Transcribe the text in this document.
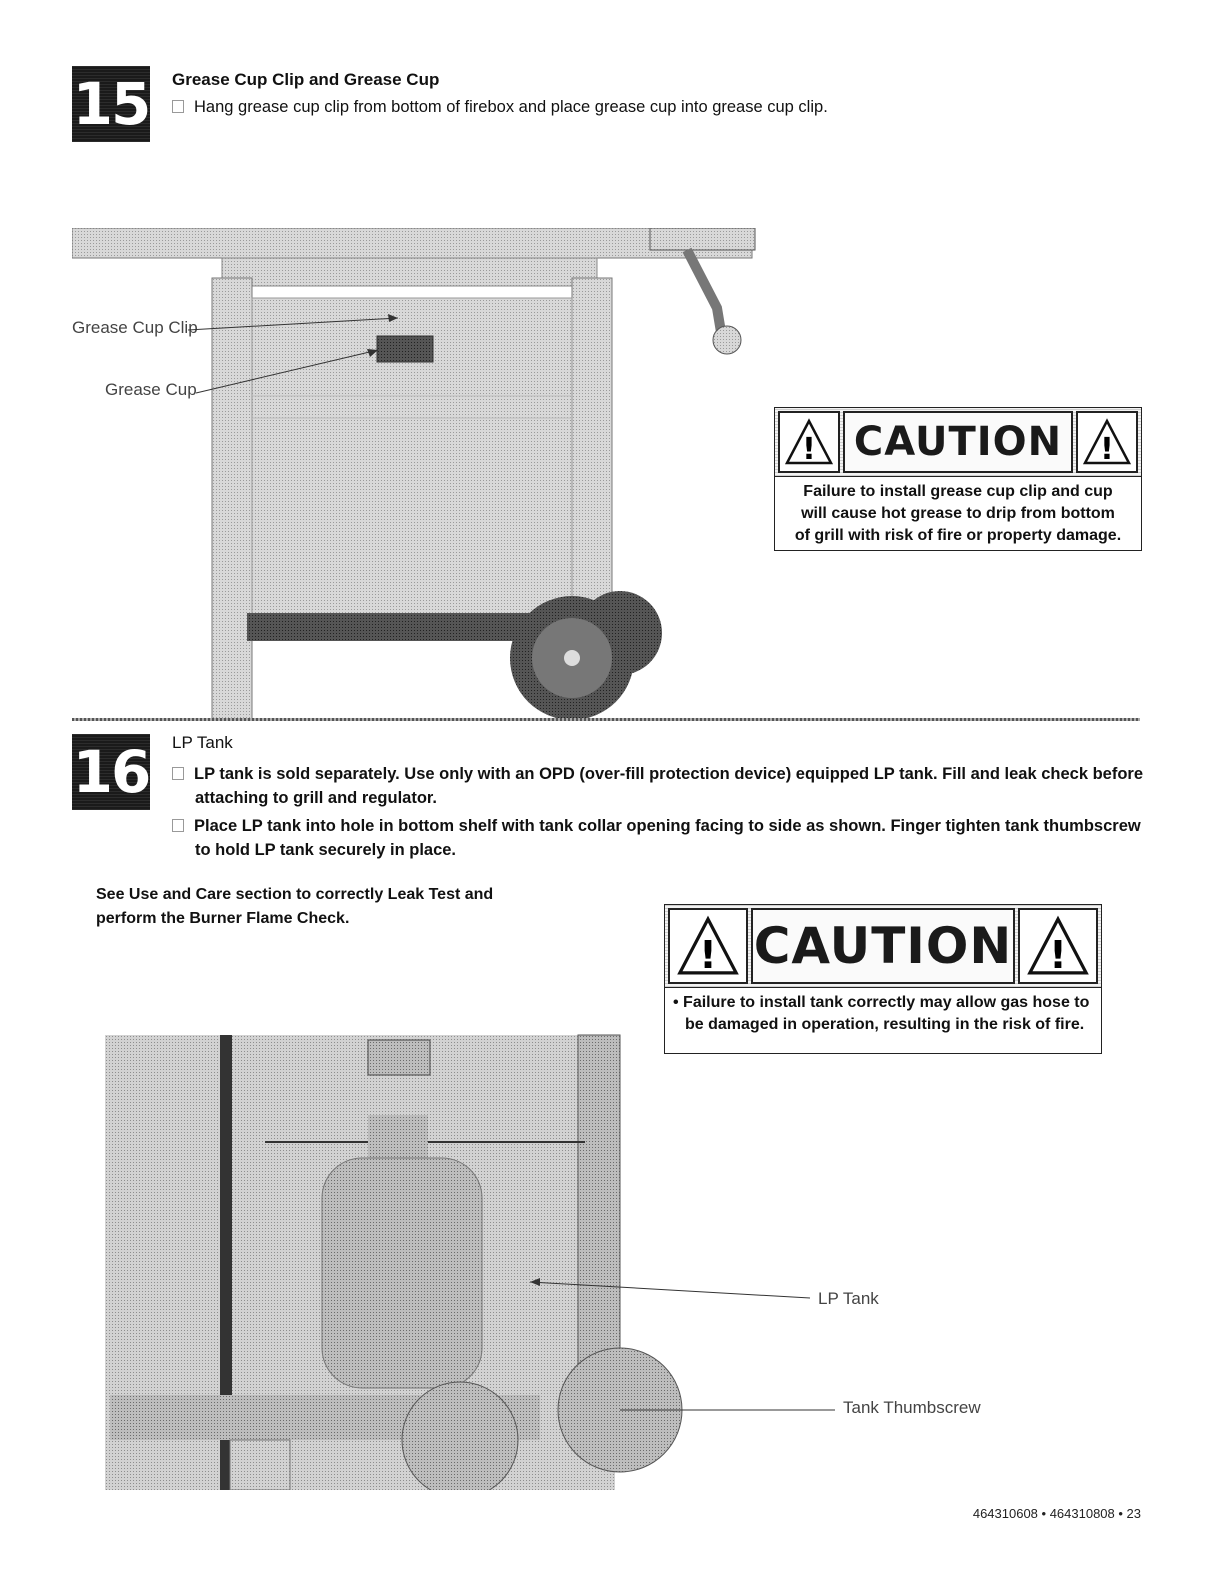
15 Grease Cup Clip and Grease Cup
Hang grease cup clip from bottom of firebox and place grease cup into grease cup clip.
Grease Cup Clip
Grease Cup
! CAUTION	!
Failure to install grease cup clip and cup
will cause hot grease to drip from bottom
of grill with risk of fire or property damage.
16 LP Tank
LP tank is sold separately. Use only with an OPD (over-fill protection device) equipped LP tank. Fill and leak check before
attaching to grill and regulator.
Place LP tank into hole in bottom shelf with tank collar opening facing to side as shown. Finger tighten tank thumbscrew
to hold LP tank securely in place.
See Use and Care section to correctly Leak Test and
perform the Burner Flame Check.
! CAUTION !
• Failure to install tank correctly may allow gas hose to
be damaged in operation, resulting in the risk of fire.
LP Tank
Tank Thumbscrew
464310608 • 464310808 • 23
